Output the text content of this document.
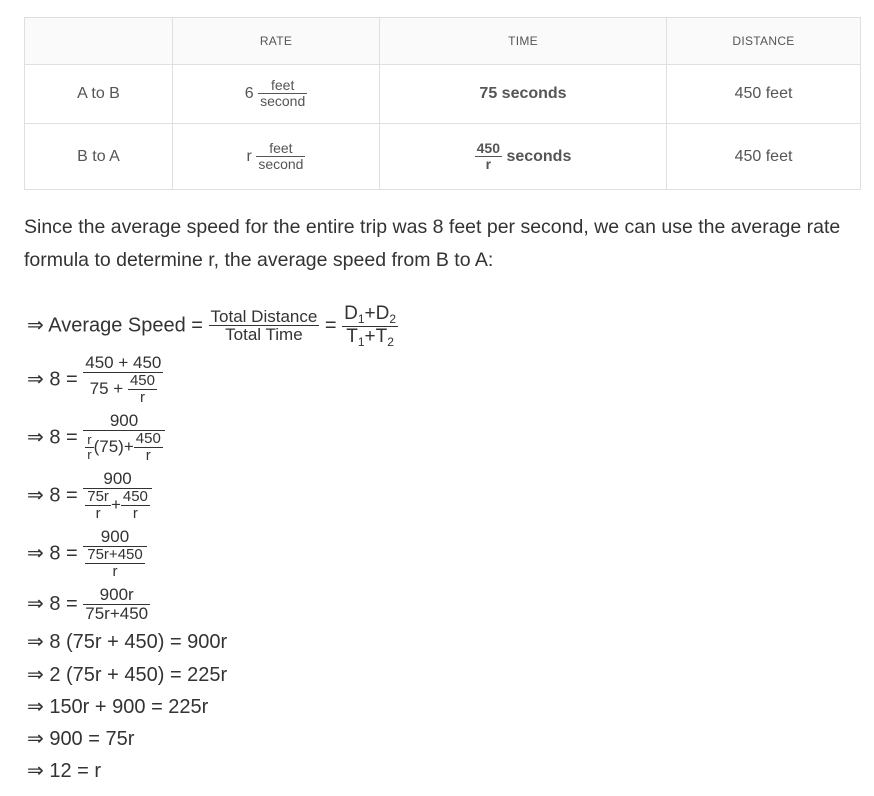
	RATE	TIME	DISTANCE
A to B	$6 \frac{\text{feet}}{\text{second}}$	75 seconds	450 feet
B to A	r $\frac{\text{feet}}{\text{second}}$	$\frac{450}{r}$ seconds	450 feet
Since the average speed for the entire trip was 8 feet per second, we can use the average rate formula to determine r, the average speed from B to A:
⇒ Average Speed = $\frac{\text{Total Distance}}{\text{Total Time}} = \frac{D_1+D_2}{T_1+T_2}$
⇒ $8 = \frac{450 + 450}{75 + \frac{450}{r}}$
⇒ $8 = \frac{900}{\frac{r}{r} (75)+ \frac{450}{r}}$
⇒ $8 = \frac{900}{\frac{75r}{r} + \frac{450}{r}}$
⇒ $8 = \frac{900}{\frac{75r+450}{r}}$
⇒ $8 = \frac{900r}{75r+450}$
⇒ 8 (75r + 450) = 900r
⇒ 2 (75r + 450) = 225r
⇒ 150r + 900 = 225r
⇒ 900 = 75r
⇒ 12 = r
